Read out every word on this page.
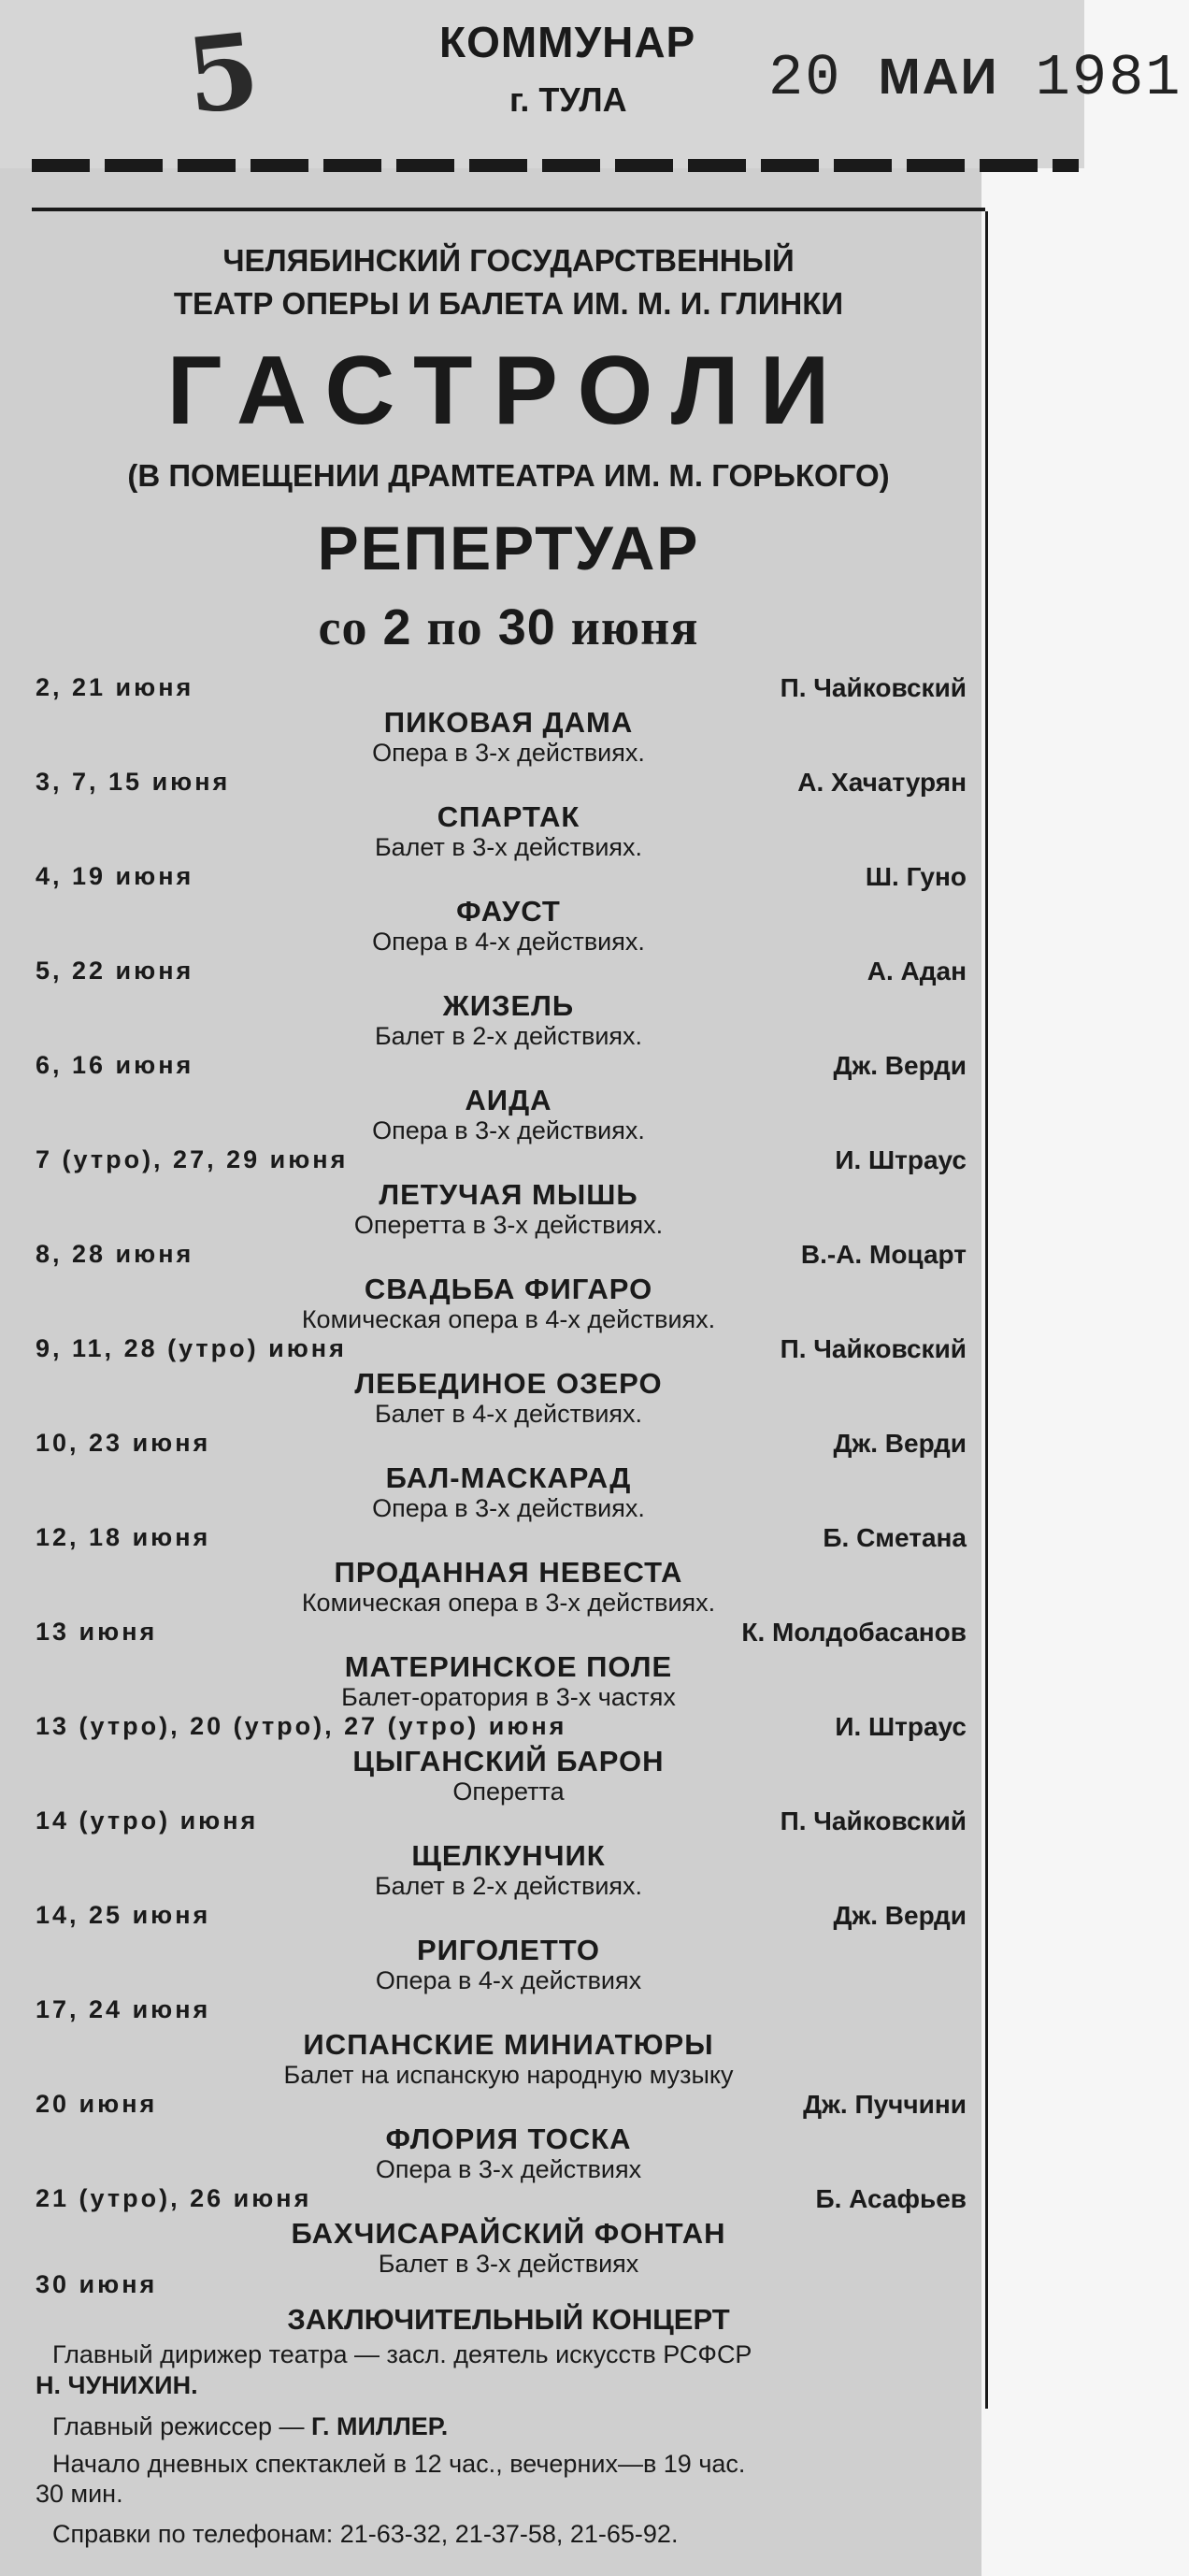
5	КОММУНАР
г. ТУЛА 20 МАИ 1981
ЧЕЛЯБИНСКИЙ ГОСУДАРСТВЕННЫЙ
ТЕАТР ОПЕРЫ И БАЛЕТА ИМ. М. И. ГЛИНКИ
ГАСТРОЛИ
(В ПОМЕЩЕНИИ ДРАМТЕАТРА ИМ. М. ГОРЬКОГО)
РЕПЕРТУАР
со 2 по 30 июня
2, 21 июня	П. Чайковский
ПИКОВАЯ ДАМА
Опера в 3-х действиях.
3, 7, 15 июня	А. Хачатурян
СПАРТАК
Балет в 3-х действиях.
4, 19 июня	Ш. Гуно
ФАУСТ
Опера в 4-х действиях.
5, 22 июня	А. Адан
ЖИЗЕЛЬ
Балет в 2-х действиях.
6, 16 июня	Дж. Верди
АИДА
Опера в 3-х действиях.
7 (утро), 27, 29 июня	И. Штраус
ЛЕТУЧАЯ МЫШЬ
Оперетта в 3-х действиях.
8, 28 июня	В.-А. Моцарт
СВАДЬБА ФИГАРО
Комическая опера в 4-х действиях.
9, 11, 28 (утро) июня	П. Чайковский
ЛЕБЕДИНОЕ ОЗЕРО
Балет в 4-х действиях.
10, 23 июня	Дж. Верди
БАЛ-МАСКАРАД
Опера в 3-х действиях.
12, 18 июня	Б. Сметана
ПРОДАННАЯ НЕВЕСТА
Комическая опера в 3-х действиях.
13 июня	К. Молдобасанов
МАТЕРИНСКОЕ ПОЛЕ
Балет-оратория в 3-х частях
13 (утро), 20 (утро), 27 (утро) июня	И. Штраус
ЦЫГАНСКИЙ БАРОН
Оперетта
14 (утро) июня	П. Чайковский
ЩЕЛКУНЧИК
Балет в 2-х действиях.
14, 25 июня	Дж. Верди
РИГОЛЕТТО
Опера в 4-х действиях
17, 24 июня
ИСПАНСКИЕ МИНИАТЮРЫ
Балет на испанскую народную музыку
20 июня	Дж. Пуччини
ФЛОРИЯ ТОСКА
Опера в 3-х действиях
21 (утро), 26 июня	Б. Асафьев
БАХЧИСАРАЙСКИЙ ФОНТАН
Балет в 3-х действиях
30 июня
ЗАКЛЮЧИТЕЛЬНЫЙ КОНЦЕРТ
Главный дирижер театра — засл. деятель искусств РСФСР
Н. ЧУНИХИН.
Главный режиссер — Г. МИЛЛЕР.
Начало дневных спектаклей в 12 час., вечерних—в 19 час.
30 мин.
Справки по телефонам: 21-63-32, 21-37-58, 21-65-92.
